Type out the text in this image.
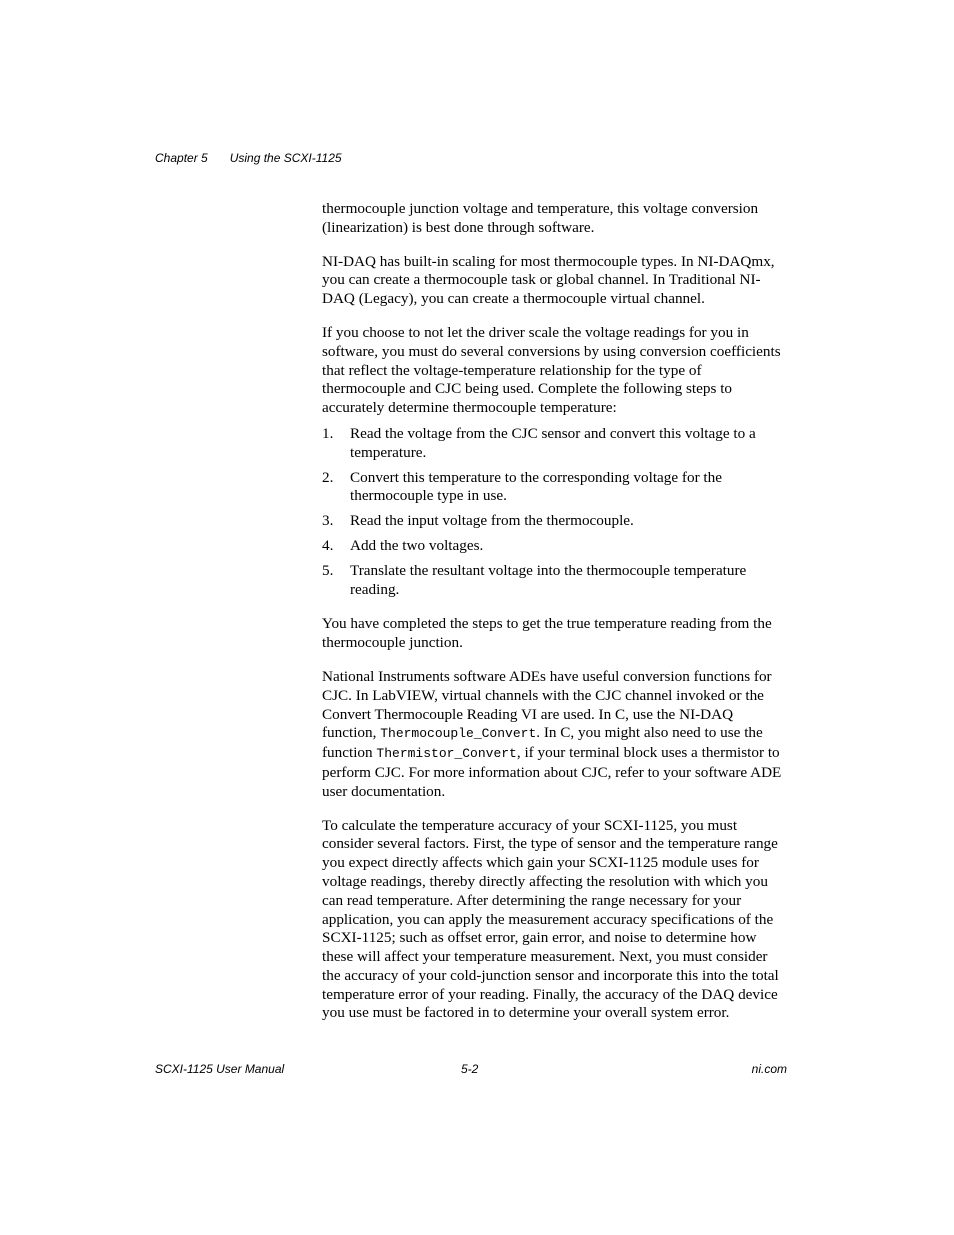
Chapter 5 Using the SCXI-1125

thermocouple junction voltage and temperature, this voltage conversion (linearization) is best done through software.

NI-DAQ has built-in scaling for most thermocouple types. In NI-DAQmx, you can create a thermocouple task or global channel. In Traditional NI-DAQ (Legacy), you can create a thermocouple virtual channel.

If you choose to not let the driver scale the voltage readings for you in software, you must do several conversions by using conversion coefficients that reflect the voltage-temperature relationship for the type of thermocouple and CJC being used. Complete the following steps to accurately determine thermocouple temperature:

1.	Read the voltage from the CJC sensor and convert this voltage to a temperature.
2.	Convert this temperature to the corresponding voltage for the thermocouple type in use.
3.	Read the input voltage from the thermocouple.
4.	Add the two voltages.
5.	Translate the resultant voltage into the thermocouple temperature reading.

You have completed the steps to get the true temperature reading from the thermocouple junction.

National Instruments software ADEs have useful conversion functions for CJC. In LabVIEW, virtual channels with the CJC channel invoked or the Convert Thermocouple Reading VI are used. In C, use the NI-DAQ function, Thermocouple_Convert. In C, you might also need to use the function Thermistor_Convert, if your terminal block uses a thermistor to perform CJC. For more information about CJC, refer to your software ADE user documentation.

To calculate the temperature accuracy of your SCXI-1125, you must consider several factors. First, the type of sensor and the temperature range you expect directly affects which gain your SCXI-1125 module uses for voltage readings, thereby directly affecting the resolution with which you can read temperature. After determining the range necessary for your application, you can apply the measurement accuracy specifications of the SCXI-1125; such as offset error, gain error, and noise to determine how these will affect your temperature measurement. Next, you must consider the accuracy of your cold-junction sensor and incorporate this into the total temperature error of your reading. Finally, the accuracy of the DAQ device you use must be factored in to determine your overall system error.

SCXI-1125 User Manual	5-2	ni.com
